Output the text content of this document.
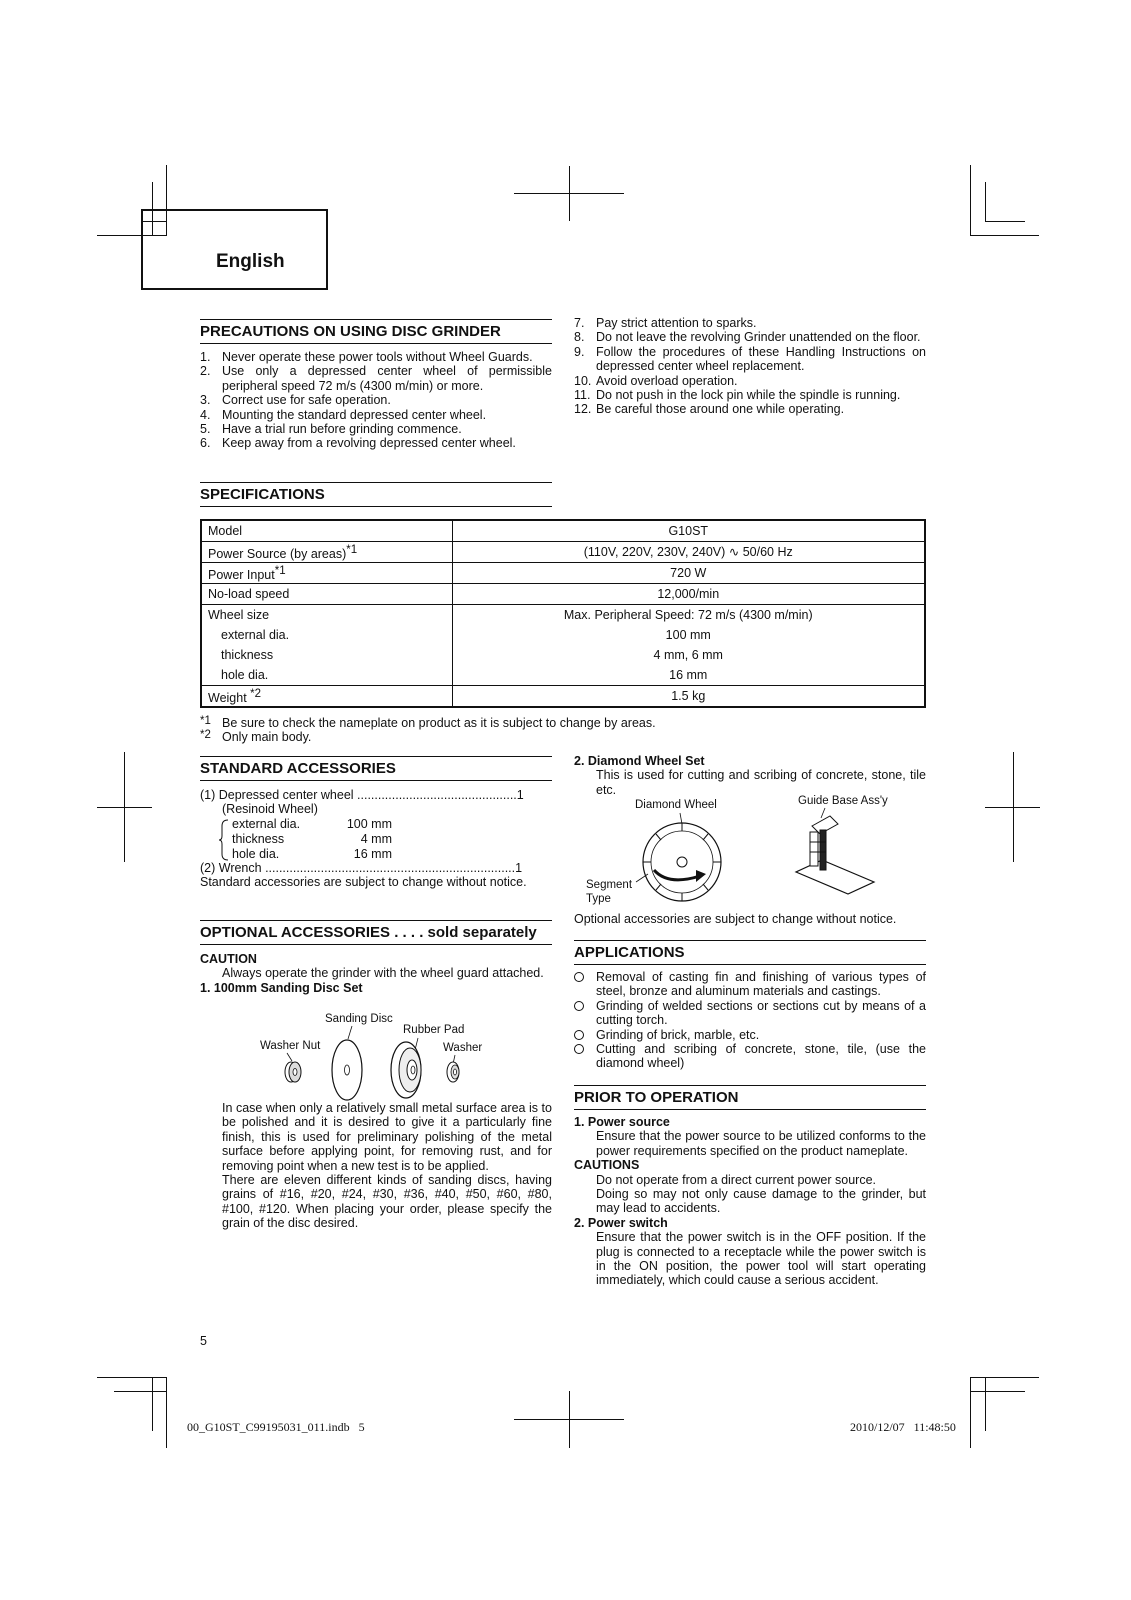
English
PRECAUTIONS ON USING DISC GRINDER
1. Never operate these power tools without Wheel Guards.
2. Use only a depressed center wheel of permissible peripheral speed 72 m/s (4300 m/min) or more.
3. Correct use for safe operation.
4. Mounting the standard depressed center wheel.
5. Have a trial run before grinding commence.
6. Keep away from a revolving depressed center wheel.
7. Pay strict attention to sparks.
8. Do not leave the revolving Grinder unattended on the floor.
9. Follow the procedures of these Handling Instructions on depressed center wheel replacement.
10. Avoid overload operation.
11. Do not push in the lock pin while the spindle is running.
12. Be careful those around one while operating.
SPECIFICATIONS
Model	G10ST
Power Source (by areas)$^{*1}$	(110V, 220V, 230V, 240V) ∿ 50/60 Hz
Power Input$^{*1}$	720 W
No-load speed	12,000/min
Wheel size	Max. Peripheral Speed: 72 m/s (4300 m/min)
external dia.	100 mm
thickness	4 mm, 6 mm
hole dia.	16 mm
Weight $^{*2}$	1.5 kg
*1 Be sure to check the nameplate on product as it is subject to change by areas.
*2 Only main body.
STANDARD ACCESSORIES
(1) Depressed center wheel ..............................................1
(Resinoid Wheel)
external dia.	100 mm
thickness	4 mm
hole dia.	16 mm
(2) Wrench ........................................................................1
Standard accessories are subject to change without notice.
OPTIONAL ACCESSORIES . . . . sold separately
CAUTION
Always operate the grinder with the wheel guard attached.
1. 100mm Sanding Disc Set
Sanding Disc
Rubber Pad
Washer Nut	Washer
In case when only a relatively small metal surface area is to be polished and it is desired to give it a particularly fine finish, this is used for preliminary polishing of the metal surface before applying point, for removing rust, and for removing point when a new test is to be applied.
There are eleven different kinds of sanding discs, having grains of #16, #20, #24, #30, #36, #40, #50, #60, #80, #100, #120. When placing your order, please specify the grain of the disc desired.
2. Diamond Wheel Set
This is used for cutting and scribing of concrete, stone, tile etc.
Diamond Wheel	Guide Base Ass'y
Segment
Type
Optional accessories are subject to change without notice.
APPLICATIONS
Removal of casting fin and finishing of various types of steel, bronze and aluminum materials and castings.
Grinding of welded sections or sections cut by means of a cutting torch.
Grinding of brick, marble, etc.
Cutting and scribing of concrete, stone, tile, (use the diamond wheel)
PRIOR TO OPERATION
1. Power source
Ensure that the power source to be utilized conforms to the power requirements specified on the product nameplate.
CAUTIONS
Do not operate from a direct current power source.
Doing so may not only cause damage to the grinder, but may lead to accidents.
2. Power switch
Ensure that the power switch is in the OFF position. If the plug is connected to a receptacle while the power switch is in the ON position, the power tool will start operating immediately, which could cause a serious accident.
5
00_G10ST_C99195031_011.indb   5	2010/12/07   11:48:50
